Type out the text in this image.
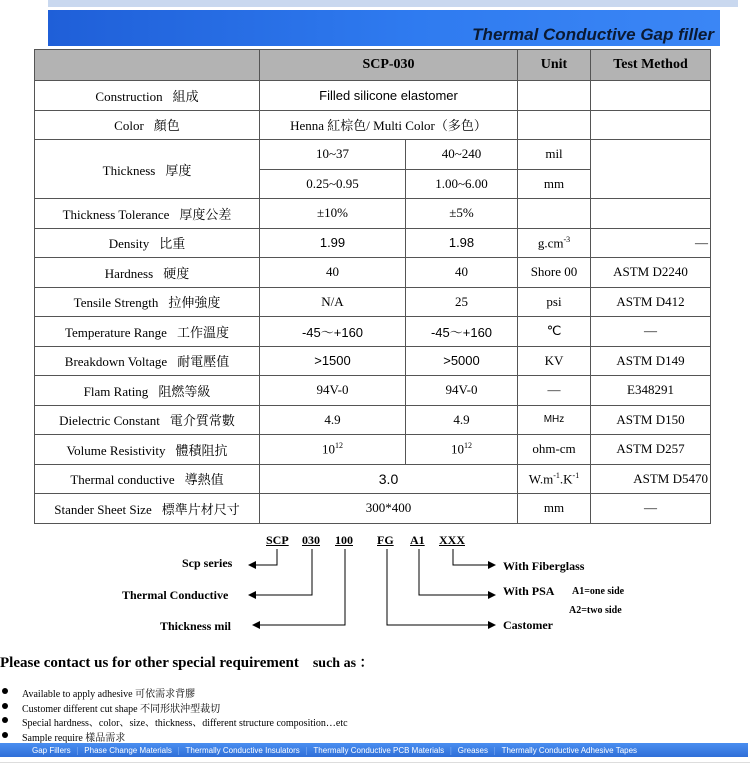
Thermal Conductive Gap filler
	SCP-030		Unit	Test Method
Construction 組成	Filled silicone elastomer			
Color 顏色	Henna 紅棕色/ Multi Color（多色）			
Thickness 厚度	10~37	40~240	mil	
	0.25~0.95	1.00~6.00	mm	
Thickness Tolerance 厚度公差	±10%	±5%		
Density 比重	1.99	1.98	$g.cm^{-3}$	—
Hardness 硬度	40	40	Shore 00	ASTM D2240
Tensile Strength 拉伸強度	N/A	25	psi	ASTM D412
Temperature Range 工作溫度	-45～+160	-45～+160	℃	—
Breakdown Voltage 耐電壓值	>1500	>5000	KV	ASTM D149
Flam Rating 阻燃等級	94V-0	94V-0	—	E348291
Dielectric Constant 電介質常數	4.9	4.9	MHz	ASTM D150
Volume Resistivity 體積阻抗	$10^{12}$	$10^{12}$	ohm-cm	ASTM D257
Thermal conductive 導熱值	3.0		$W.m^{-1}.K^{-1}$	ASTM D5470
Stander Sheet Size 標準片材尺寸	300*400		mm	—
SCP 030 100 FG A1 XXX
Scp series
Thermal Conductive
Thickness mil
With Fiberglass
With PSA A1=one side
A2=two side
Castomer
Please contact us for other special requirement such as ：
Available to apply adhesive 可依需求背膠
Customer different cut shape 不同形狀沖型裁切
Special hardness、color、size、thickness、different structure composition…etc
Sample require 樣品需求
Gap Fillers | Phase Change Materials | Thermally Conductive Insulators | Thermally Conductive PCB Materials | Greases | Thermally Conductive Adhesive Tapes
